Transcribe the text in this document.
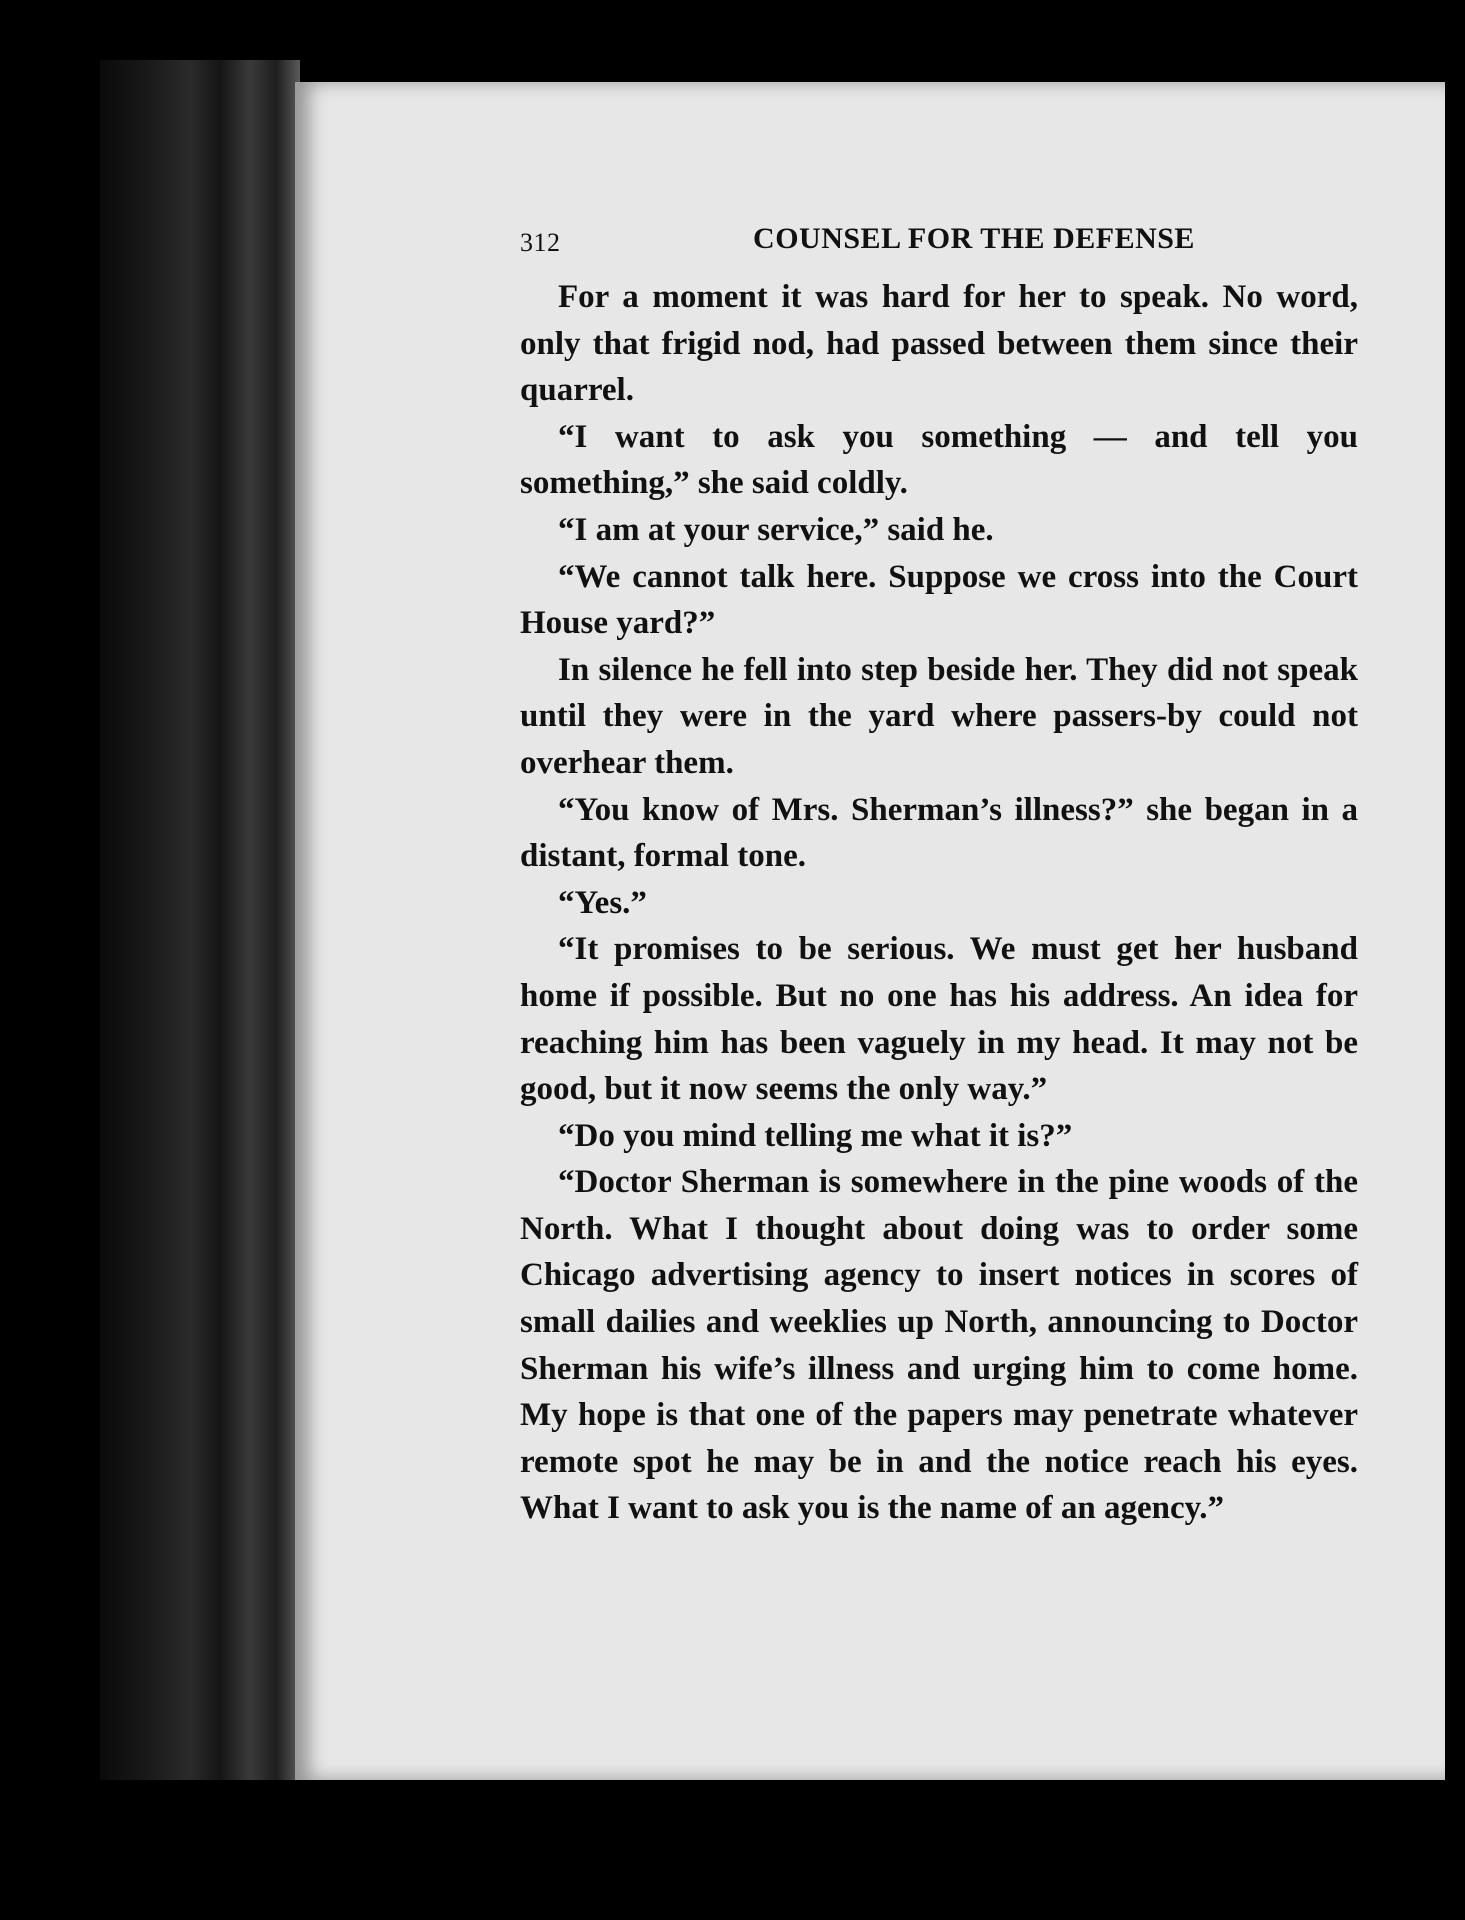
312	COUNSEL FOR THE DEFENSE

For a moment it was hard for her to speak. No word, only that frigid nod, had passed between them since their quarrel.

“I want to ask you something — and tell you something,” she said coldly.

“I am at your service,” said he.

“We cannot talk here. Suppose we cross into the Court House yard?”

In silence he fell into step beside her. They did not speak until they were in the yard where passers-by could not overhear them.

“You know of Mrs. Sherman’s illness?” she began in a distant, formal tone.

“Yes.”

“It promises to be serious. We must get her husband home if possible. But no one has his address. An idea for reaching him has been vaguely in my head. It may not be good, but it now seems the only way.”

“Do you mind telling me what it is?”

“Doctor Sherman is somewhere in the pine woods of the North. What I thought about doing was to order some Chicago advertising agency to insert notices in scores of small dailies and weeklies up North, announcing to Doctor Sherman his wife’s illness and urging him to come home. My hope is that one of the papers may penetrate whatever remote spot he may be in and the notice reach his eyes. What I want to ask you is the name of an agency.”
